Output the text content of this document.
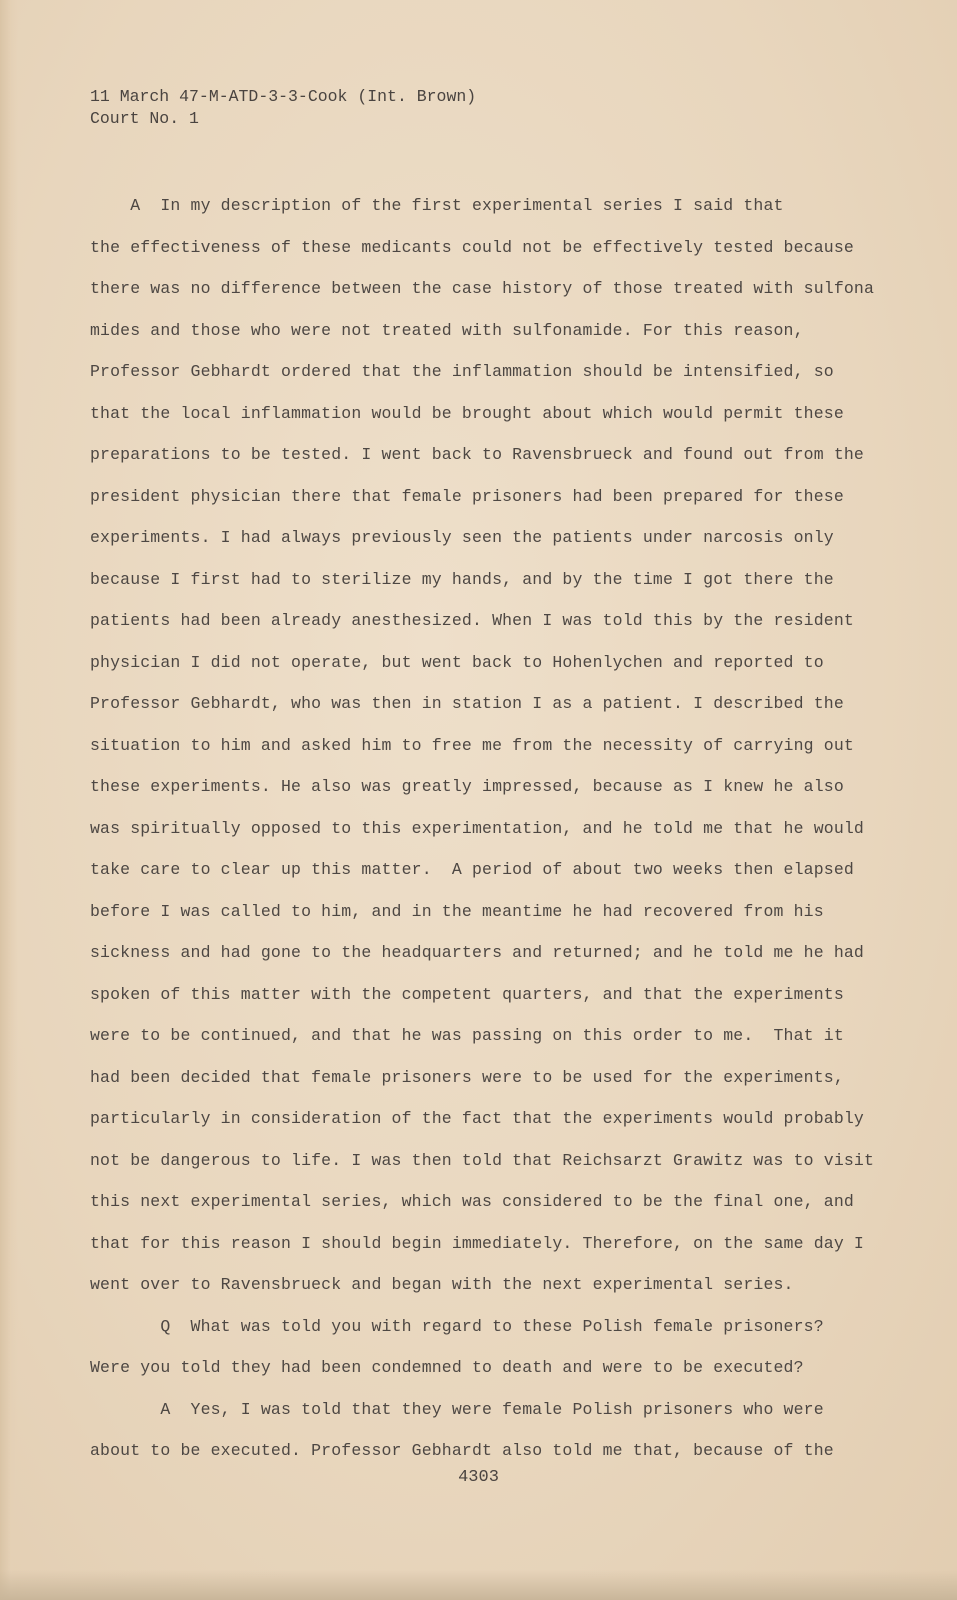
11 March 47-M-ATD-3-3-Cook (Int. Brown)
Court No. 1
A  In my description of the first experimental series I said that
the effectiveness of these medicants could not be effectively tested because
there was no difference between the case history of those treated with sulfona
mides and those who were not treated with sulfonamide. For this reason,
Professor Gebhardt ordered that the inflammation should be intensified, so
that the local inflammation would be brought about which would permit these
preparations to be tested. I went back to Ravensbrueck and found out from the
president physician there that female prisoners had been prepared for these
experiments. I had always previously seen the patients under narcosis only
because I first had to sterilize my hands, and by the time I got there the
patients had been already anesthesized. When I was told this by the resident
physician I did not operate, but went back to Hohenlychen and reported to
Professor Gebhardt, who was then in station I as a patient. I described the
situation to him and asked him to free me from the necessity of carrying out
these experiments. He also was greatly impressed, because as I knew he also
was spiritually opposed to this experimentation, and he told me that he would
take care to clear up this matter.  A period of about two weeks then elapsed
before I was called to him, and in the meantime he had recovered from his
sickness and had gone to the headquarters and returned; and he told me he had
spoken of this matter with the competent quarters, and that the experiments
were to be continued, and that he was passing on this order to me.  That it
had been decided that female prisoners were to be used for the experiments,
particularly in consideration of the fact that the experiments would probably
not be dangerous to life. I was then told that Reichsarzt Grawitz was to visit
this next experimental series, which was considered to be the final one, and
that for this reason I should begin immediately. Therefore, on the same day I
went over to Ravensbrueck and began with the next experimental series.
Q  What was told you with regard to these Polish female prisoners?
Were you told they had been condemned to death and were to be executed?
A  Yes, I was told that they were female Polish prisoners who were
about to be executed. Professor Gebhardt also told me that, because of the
4303
